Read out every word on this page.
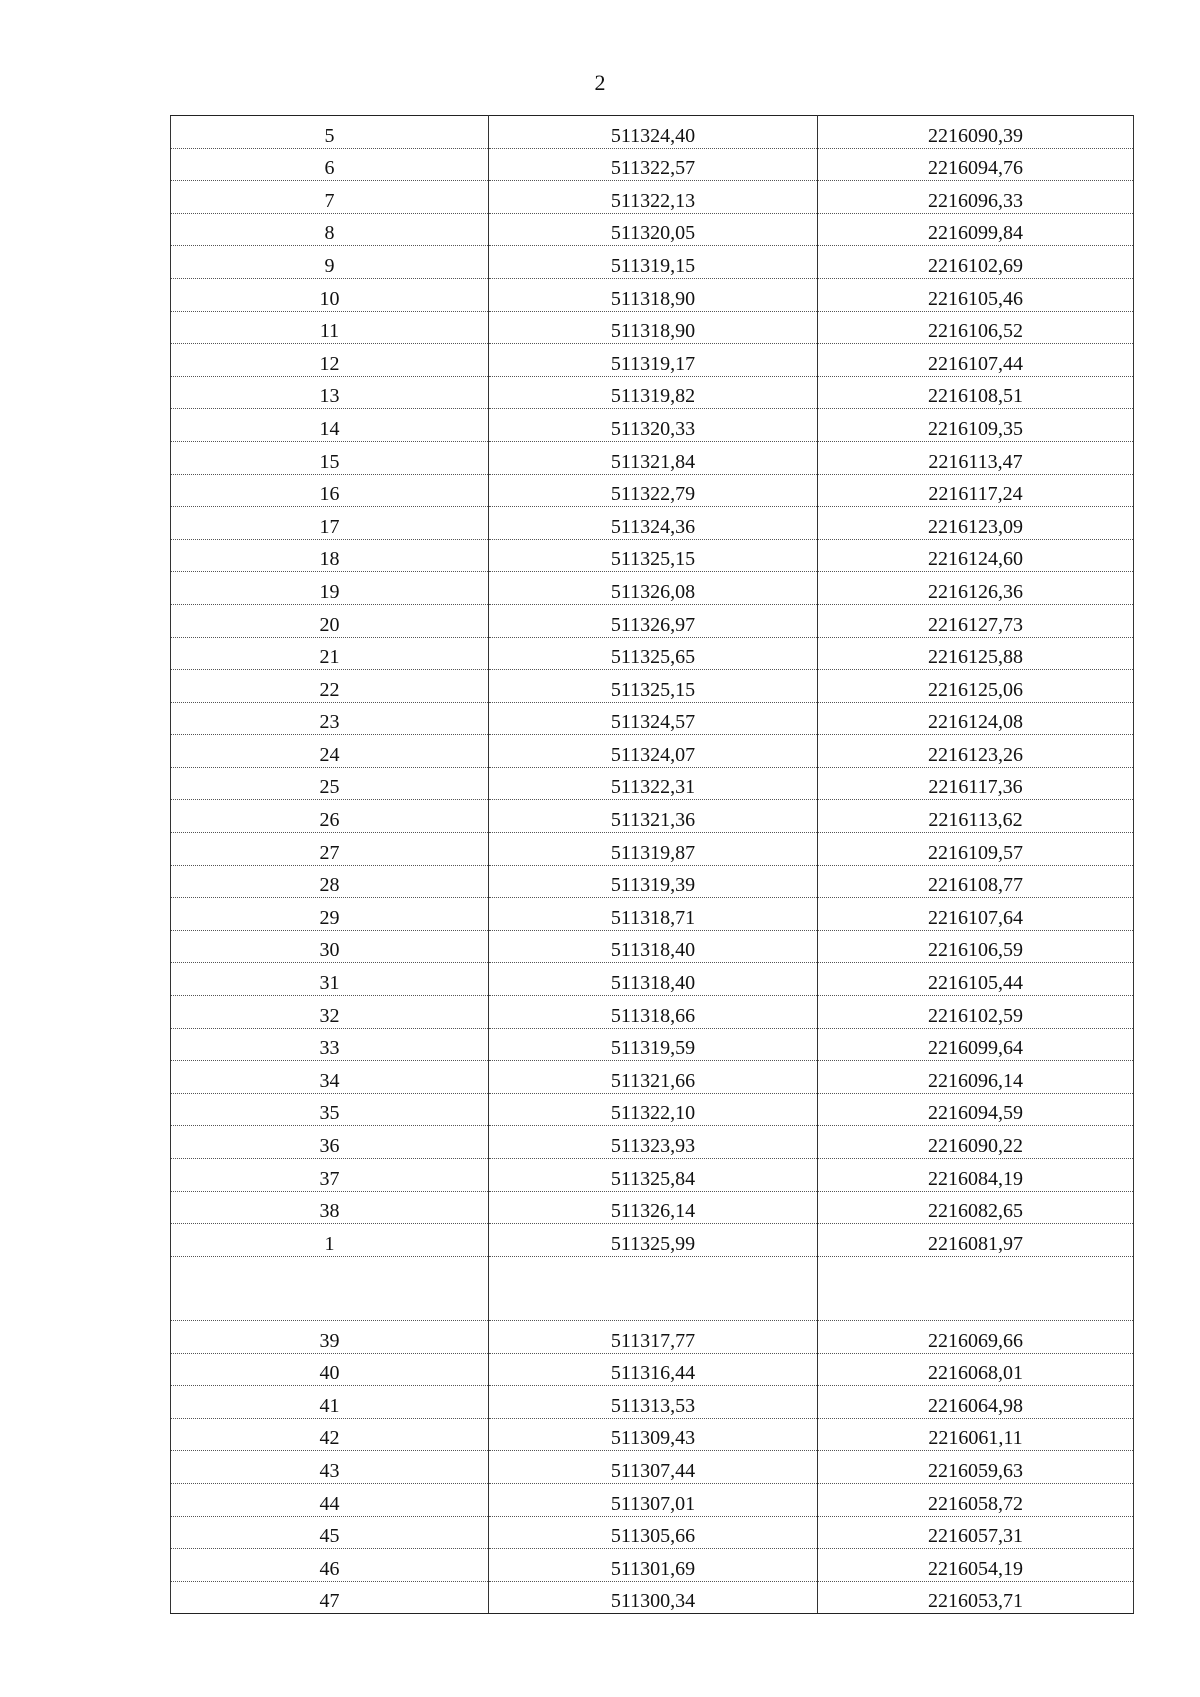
2
5	511324,40	2216090,39
6	511322,57	2216094,76
7	511322,13	2216096,33
8	511320,05	2216099,84
9	511319,15	2216102,69
10	511318,90	2216105,46
11	511318,90	2216106,52
12	511319,17	2216107,44
13	511319,82	2216108,51
14	511320,33	2216109,35
15	511321,84	2216113,47
16	511322,79	2216117,24
17	511324,36	2216123,09
18	511325,15	2216124,60
19	511326,08	2216126,36
20	511326,97	2216127,73
21	511325,65	2216125,88
22	511325,15	2216125,06
23	511324,57	2216124,08
24	511324,07	2216123,26
25	511322,31	2216117,36
26	511321,36	2216113,62
27	511319,87	2216109,57
28	511319,39	2216108,77
29	511318,71	2216107,64
30	511318,40	2216106,59
31	511318,40	2216105,44
32	511318,66	2216102,59
33	511319,59	2216099,64
34	511321,66	2216096,14
35	511322,10	2216094,59
36	511323,93	2216090,22
37	511325,84	2216084,19
38	511326,14	2216082,65
1	511325,99	2216081,97

39	511317,77	2216069,66
40	511316,44	2216068,01
41	511313,53	2216064,98
42	511309,43	2216061,11
43	511307,44	2216059,63
44	511307,01	2216058,72
45	511305,66	2216057,31
46	511301,69	2216054,19
47	511300,34	2216053,71
